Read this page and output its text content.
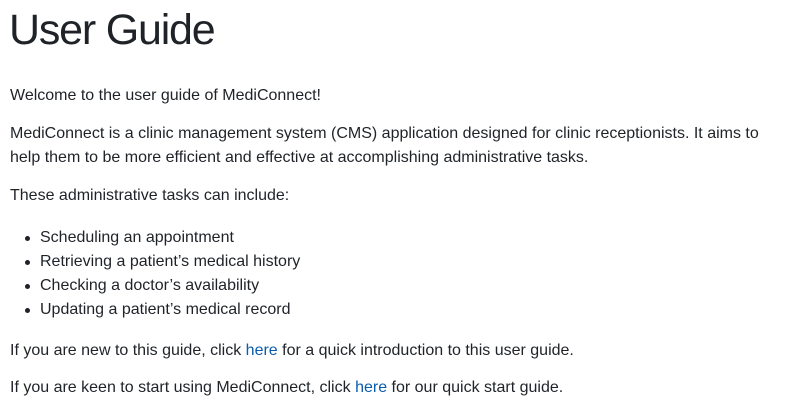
User Guide

Welcome to the user guide of MediConnect!

MediConnect is a clinic management system (CMS) application designed for clinic receptionists. It aims to
help them to be more efficient and effective at accomplishing administrative tasks.

These administrative tasks can include:

Scheduling an appointment
Retrieving a patient’s medical history
Checking a doctor’s availability
Updating a patient’s medical record

If you are new to this guide, click here for a quick introduction to this user guide.

If you are keen to start using MediConnect, click here for our quick start guide.
